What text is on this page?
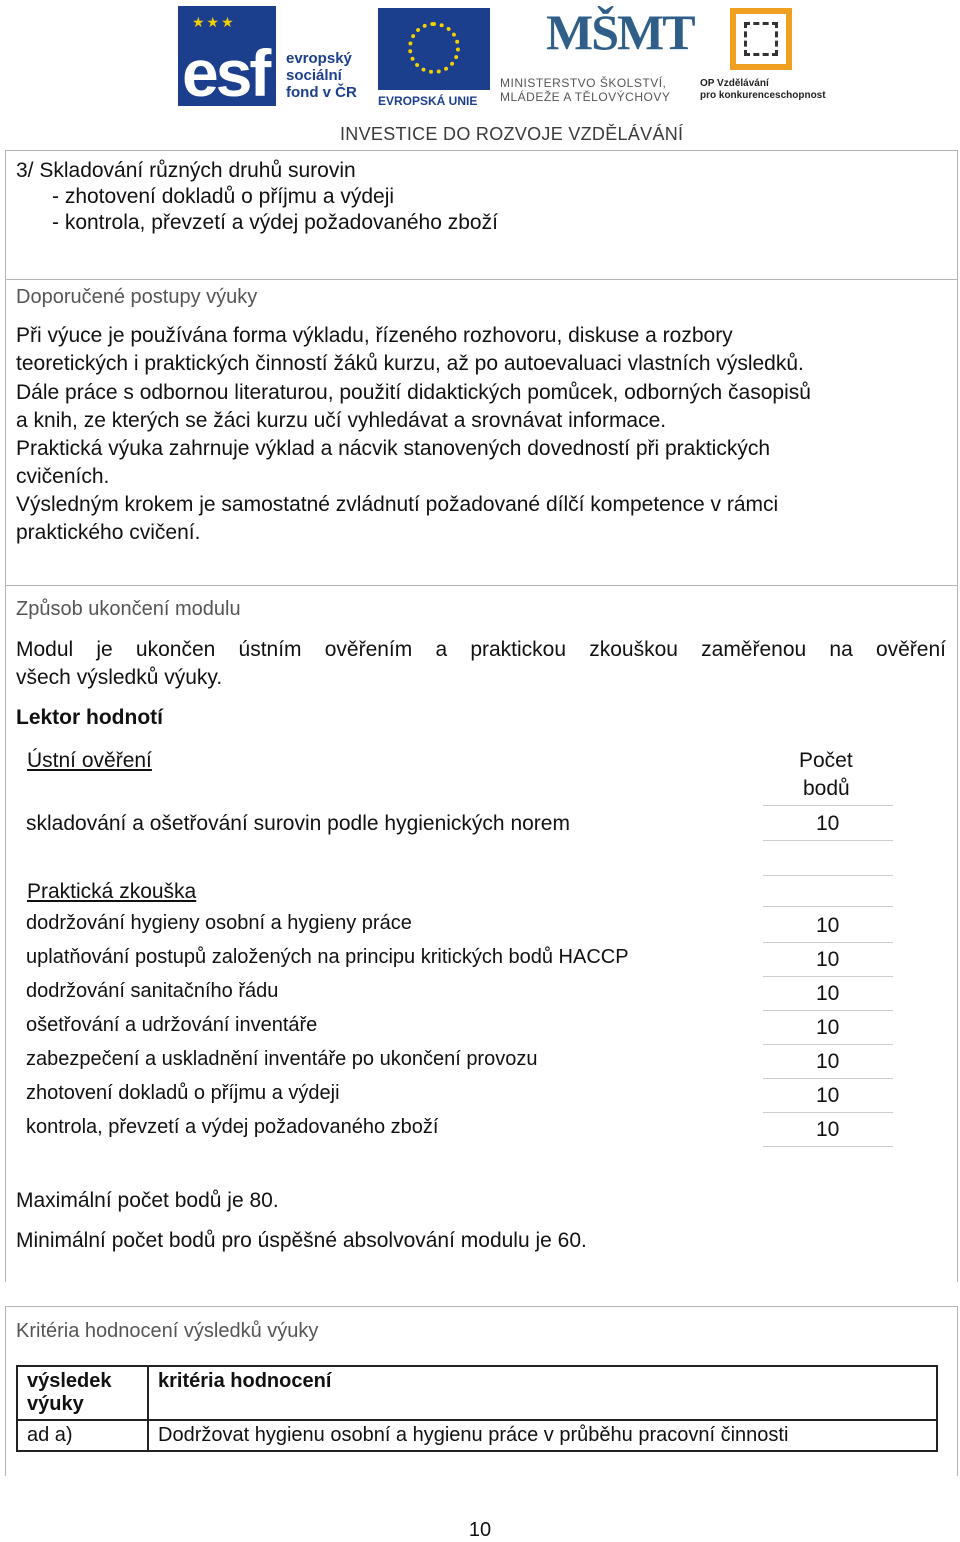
★★★
esf evropský
sociální
fond v ČR EVROPSKÁ UNIE
MŠMT
MINISTERSTVO ŠKOLSTVÍ,
MLÁDEŽE A TĚLOVÝCHOVY
OP Vzdělávání
pro konkurenceschopnost
INVESTICE DO ROZVOJE VZDĚLÁVÁNÍ
3/ Skladování různých druhů surovin
- zhotovení dokladů o příjmu a výdeji
- kontrola, převzetí a výdej požadovaného zboží
Doporučené postupy výuky
Při výuce je používána forma výkladu, řízeného rozhovoru, diskuse a rozbory
teoretických i praktických činností žáků kurzu, až po autoevaluaci vlastních výsledků.
Dále práce s odbornou literaturou, použití didaktických pomůcek, odborných časopisů
a knih, ze kterých se žáci kurzu učí vyhledávat a srovnávat informace.
Praktická výuka zahrnuje výklad a nácvik stanovených dovedností při praktických
cvičeních.
Výsledným krokem je samostatné zvládnutí požadované dílčí kompetence v rámci
praktického cvičení.
Způsob ukončení modulu
Modul je ukončen ústním ověřením a praktickou zkouškou zaměřenou na ověření
všech výsledků výuky.
Lektor hodnotí
Ústní ověření	Počet
bodů
skladování a ošetřování surovin podle hygienických norem	10
Praktická zkouška
dodržování hygieny osobní a hygieny práce	10
uplatňování postupů založených na principu kritických bodů HACCP	10
dodržování sanitačního řádu	10
ošetřování a udržování inventáře	10
zabezpečení a uskladnění inventáře po ukončení provozu	10
zhotovení dokladů o příjmu a výdeji	10
kontrola, převzetí a výdej požadovaného zboží	10
Maximální počet bodů je 80.
Minimální počet bodů pro úspěšné absolvování modulu je 60.
Kritéria hodnocení výsledků výuky
výsledek
výuky	kritéria hodnocení
ad a)	Dodržovat hygienu osobní a hygienu práce v průběhu pracovní činnosti
10
